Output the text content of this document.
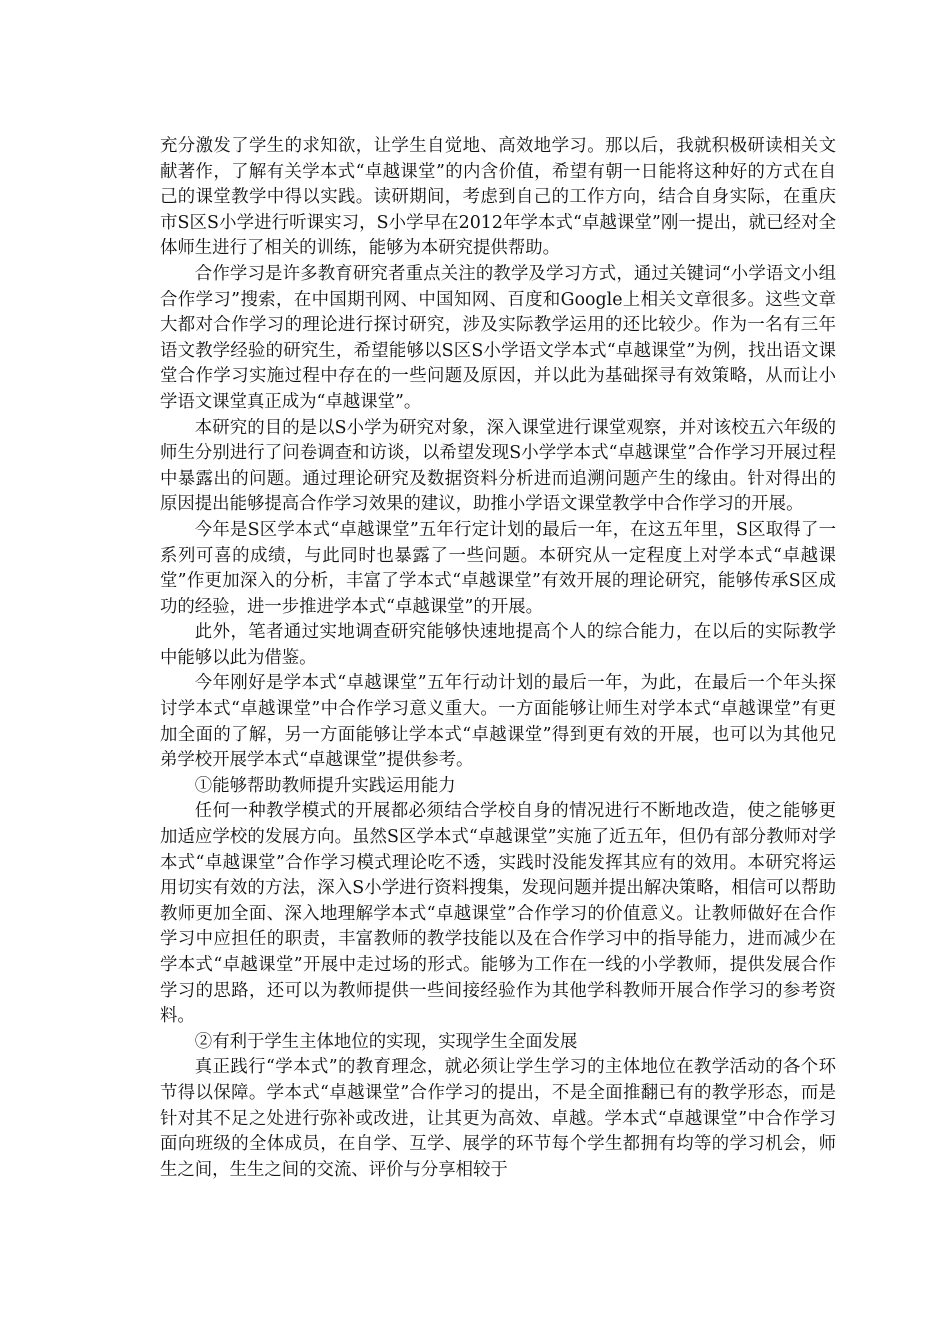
充分激发了学生的求知欲，让学生自觉地、高效地学习。那以后，我就积极研读相关文献著作，了解有关学本式“卓越课堂”的内含价值，希望有朝一日能将这种好的方式在自己的课堂教学中得以实践。读研期间，考虑到自己的工作方向，结合自身实际，在重庆市S区S小学进行听课实习，S小学早在2012年学本式“卓越课堂”刚一提出，就已经对全体师生进行了相关的训练，能够为本研究提供帮助。

合作学习是许多教育研究者重点关注的教学及学习方式，通过关键词“小学语文小组合作学习”搜索，在中国期刊网、中国知网、百度和Google上相关文章很多。这些文章大都对合作学习的理论进行探讨研究，涉及实际教学运用的还比较少。作为一名有三年语文教学经验的研究生，希望能够以S区S小学语文学本式“卓越课堂”为例，找出语文课堂合作学习实施过程中存在的一些问题及原因，并以此为基础探寻有效策略，从而让小学语文课堂真正成为“卓越课堂”。

本研究的目的是以S小学为研究对象，深入课堂进行课堂观察，并对该校五六年级的师生分别进行了问卷调查和访谈，以希望发现S小学学本式“卓越课堂”合作学习开展过程中暴露出的问题。通过理论研究及数据资料分析进而追溯问题产生的缘由。针对得出的原因提出能够提高合作学习效果的建议，助推小学语文课堂教学中合作学习的开展。

今年是S区学本式“卓越课堂”五年行定计划的最后一年，在这五年里，S区取得了一系列可喜的成绩，与此同时也暴露了一些问题。本研究从一定程度上对学本式“卓越课堂”作更加深入的分析，丰富了学本式“卓越课堂”有效开展的理论研究，能够传承S区成功的经验，进一步推进学本式“卓越课堂”的开展。

此外，笔者通过实地调查研究能够快速地提高个人的综合能力，在以后的实际教学中能够以此为借鉴。

今年刚好是学本式“卓越课堂”五年行动计划的最后一年，为此，在最后一个年头探讨学本式“卓越课堂”中合作学习意义重大。一方面能够让师生对学本式“卓越课堂”有更加全面的了解，另一方面能够让学本式“卓越课堂”得到更有效的开展，也可以为其他兄弟学校开展学本式“卓越课堂”提供参考。

①能够帮助教师提升实践运用能力

任何一种教学模式的开展都必须结合学校自身的情况进行不断地改造，使之能够更加适应学校的发展方向。虽然S区学本式“卓越课堂”实施了近五年，但仍有部分教师对学本式“卓越课堂”合作学习模式理论吃不透，实践时没能发挥其应有的效用。本研究将运用切实有效的方法，深入S小学进行资料搜集，发现问题并提出解决策略，相信可以帮助教师更加全面、深入地理解学本式“卓越课堂”合作学习的价值意义。让教师做好在合作学习中应担任的职责，丰富教师的教学技能以及在合作学习中的指导能力，进而减少在学本式“卓越课堂”开展中走过场的形式。能够为工作在一线的小学教师，提供发展合作学习的思路，还可以为教师提供一些间接经验作为其他学科教师开展合作学习的参考资料。

②有利于学生主体地位的实现，实现学生全面发展

真正践行“学本式”的教育理念，就必须让学生学习的主体地位在教学活动的各个环节得以保障。学本式“卓越课堂”合作学习的提出，不是全面推翻已有的教学形态，而是针对其不足之处进行弥补或改进，让其更为高效、卓越。学本式“卓越课堂”中合作学习面向班级的全体成员，在自学、互学、展学的环节每个学生都拥有均等的学习机会，师生之间，生生之间的交流、评价与分享相较于
